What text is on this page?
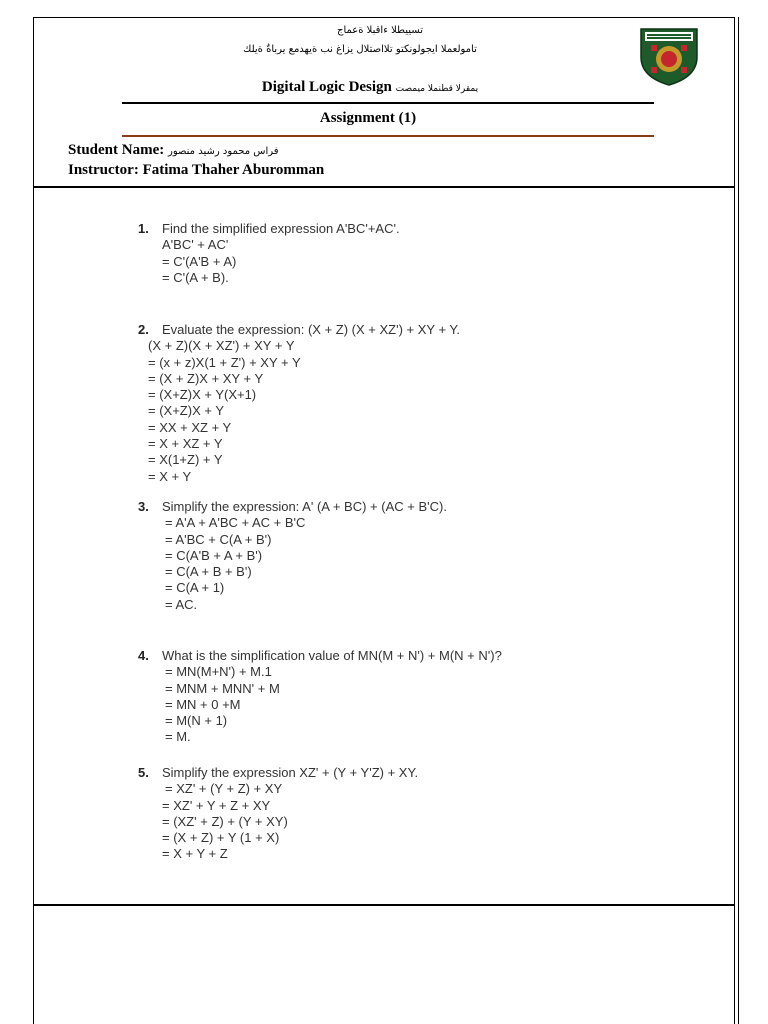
تسييطلا ءاقبلا ةعماج
تامولعملا ايجولونكتو تلااصتلال يزاغ نب ةيهدمع يرباةٌ ةيلك
Digital Logic Design يمقرلا قطنملا ميمصت
Assignment (1)
Student Name: فراس محمود رشيد منصور
Instructor: Fatima Thaher Aburomman
1. Find the simplified expression A'BC'+AC'.
A'BC' + AC'
= C'(A'B + A)
= C'(A + B).
2. Evaluate the expression: (X + Z) (X + XZ') + XY + Y.
(X + Z)(X + XZ') + XY + Y
= (x + z)X(1 + Z') + XY + Y
= (X + Z)X + XY + Y
= (X+Z)X + Y(X+1)
= (X+Z)X + Y
= XX + XZ + Y
= X + XZ + Y
= X(1+Z) + Y
= X + Y
3. Simplify the expression: A' (A + BC) + (AC + B'C).
= A'A + A'BC + AC + B'C
= A'BC + C(A + B')
= C(A'B + A + B')
= C(A + B + B')
= C(A + 1)
= AC.
4. What is the simplification value of MN(M + N') + M(N + N')?
= MN(M+N') + M.1
= MNM + MNN' + M
= MN + 0 +M
= M(N + 1)
= M.
5. Simplify the expression XZ' + (Y + Y'Z) + XY.
= XZ' + (Y + Z) + XY
= XZ' + Y + Z + XY
= (XZ' + Z) + (Y + XY)
= (X + Z) + Y (1 + X)
= X + Y + Z
